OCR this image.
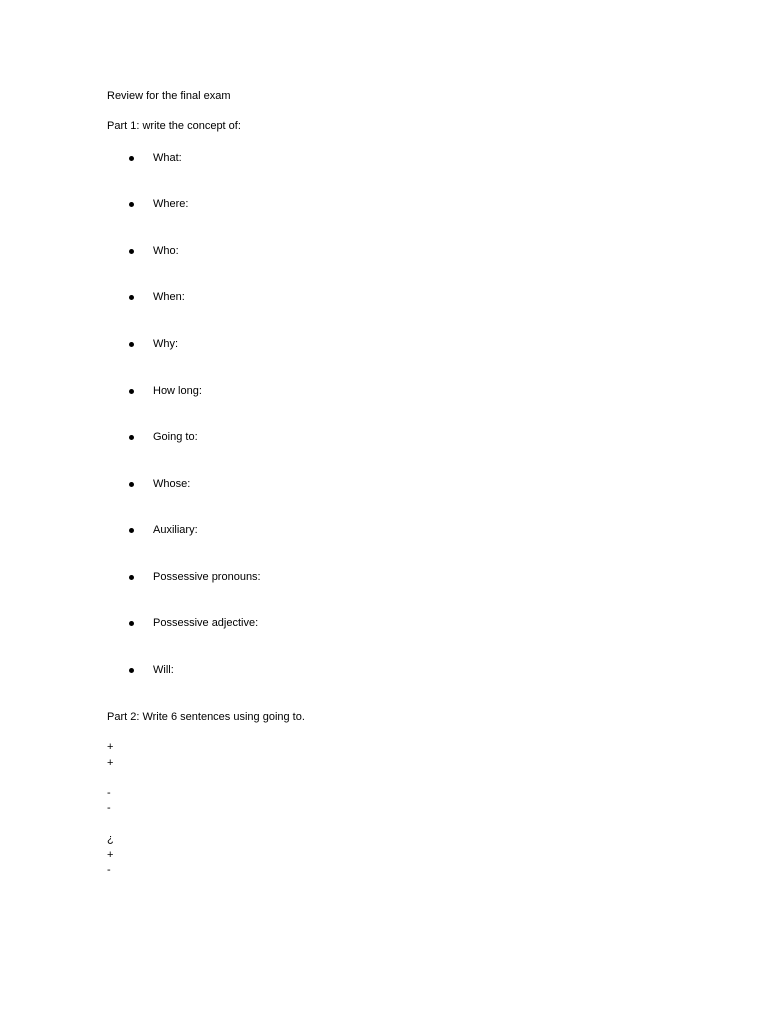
Review for the final exam
Part 1: write the concept of:
What:
Where:
Who:
When:
Why:
How long:
Going to:
Whose:
Auxiliary:
Possessive pronouns:
Possessive adjective:
Will:
Part 2: Write 6 sentences using going to.
+
+
-
-
¿
+
-
